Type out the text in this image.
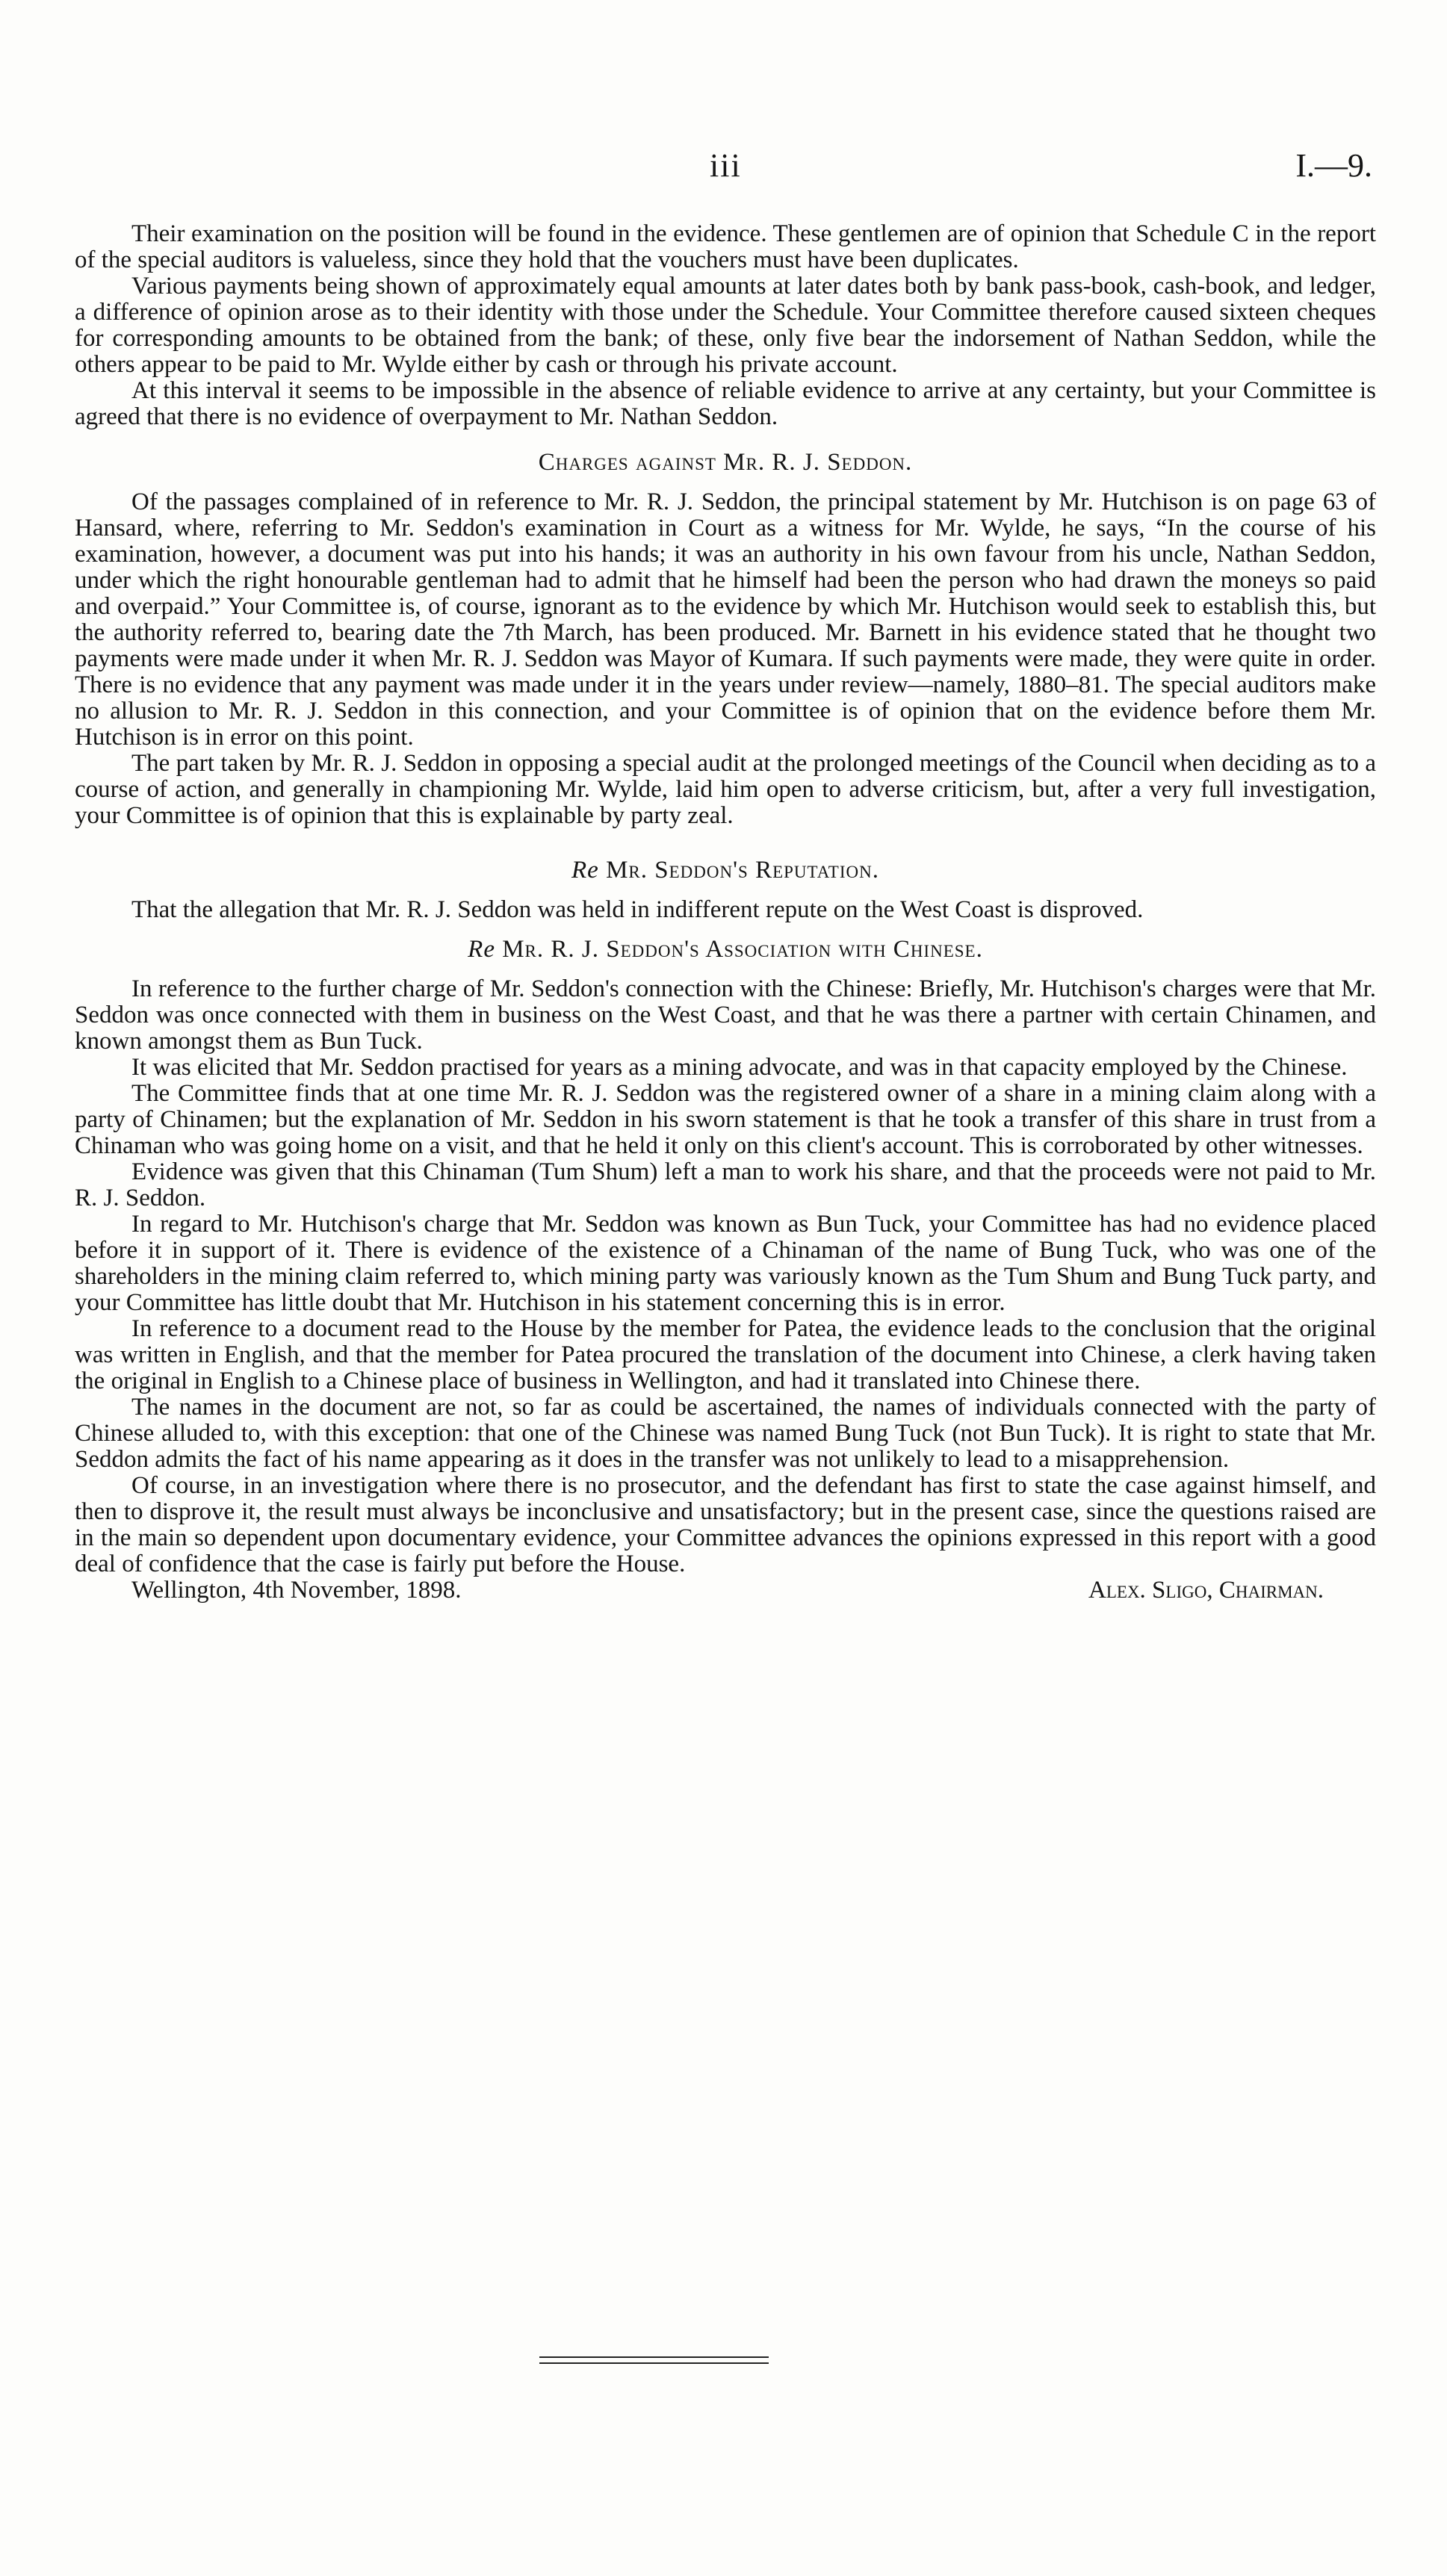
iii	I.—9.

Their examination on the position will be found in the evidence. These gentlemen are of opinion that Schedule C in the report of the special auditors is valueless, since they hold that the vouchers must have been duplicates.

Various payments being shown of approximately equal amounts at later dates both by bank pass-book, cash-book, and ledger, a difference of opinion arose as to their identity with those under the Schedule. Your Committee therefore caused sixteen cheques for corresponding amounts to be obtained from the bank; of these, only five bear the indorsement of Nathan Seddon, while the others appear to be paid to Mr. Wylde either by cash or through his private account.

At this interval it seems to be impossible in the absence of reliable evidence to arrive at any certainty, but your Committee is agreed that there is no evidence of overpayment to Mr. Nathan Seddon.

Charges against Mr. R. J. Seddon.

Of the passages complained of in reference to Mr. R. J. Seddon, the principal statement by Mr. Hutchison is on page 63 of Hansard, where, referring to Mr. Seddon's examination in Court as a witness for Mr. Wylde, he says, “In the course of his examination, however, a document was put into his hands; it was an authority in his own favour from his uncle, Nathan Seddon, under which the right honourable gentleman had to admit that he himself had been the person who had drawn the moneys so paid and overpaid.” Your Committee is, of course, ignorant as to the evidence by which Mr. Hutchison would seek to establish this, but the authority referred to, bearing date the 7th March, has been produced. Mr. Barnett in his evidence stated that he thought two payments were made under it when Mr. R. J. Seddon was Mayor of Kumara. If such payments were made, they were quite in order. There is no evidence that any payment was made under it in the years under review—namely, 1880–81. The special auditors make no allusion to Mr. R. J. Seddon in this connection, and your Committee is of opinion that on the evidence before them Mr. Hutchison is in error on this point.

The part taken by Mr. R. J. Seddon in opposing a special audit at the prolonged meetings of the Council when deciding as to a course of action, and generally in championing Mr. Wylde, laid him open to adverse criticism, but, after a very full investigation, your Committee is of opinion that this is explainable by party zeal.

Re Mr. Seddon's Reputation.

That the allegation that Mr. R. J. Seddon was held in indifferent repute on the West Coast is disproved.

Re Mr. R. J. Seddon's Association with Chinese.

In reference to the further charge of Mr. Seddon's connection with the Chinese: Briefly, Mr. Hutchison's charges were that Mr. Seddon was once connected with them in business on the West Coast, and that he was there a partner with certain Chinamen, and known amongst them as Bun Tuck.

It was elicited that Mr. Seddon practised for years as a mining advocate, and was in that capacity employed by the Chinese.

The Committee finds that at one time Mr. R. J. Seddon was the registered owner of a share in a mining claim along with a party of Chinamen; but the explanation of Mr. Seddon in his sworn statement is that he took a transfer of this share in trust from a Chinaman who was going home on a visit, and that he held it only on this client's account. This is corroborated by other witnesses.

Evidence was given that this Chinaman (Tum Shum) left a man to work his share, and that the proceeds were not paid to Mr. R. J. Seddon.

In regard to Mr. Hutchison's charge that Mr. Seddon was known as Bun Tuck, your Committee has had no evidence placed before it in support of it. There is evidence of the existence of a Chinaman of the name of Bung Tuck, who was one of the shareholders in the mining claim referred to, which mining party was variously known as the Tum Shum and Bung Tuck party, and your Committee has little doubt that Mr. Hutchison in his statement concerning this is in error.

In reference to a document read to the House by the member for Patea, the evidence leads to the conclusion that the original was written in English, and that the member for Patea procured the translation of the document into Chinese, a clerk having taken the original in English to a Chinese place of business in Wellington, and had it translated into Chinese there.

The names in the document are not, so far as could be ascertained, the names of individuals connected with the party of Chinese alluded to, with this exception: that one of the Chinese was named Bung Tuck (not Bun Tuck). It is right to state that Mr. Seddon admits the fact of his name appearing as it does in the transfer was not unlikely to lead to a misapprehension.

Of course, in an investigation where there is no prosecutor, and the defendant has first to state the case against himself, and then to disprove it, the result must always be inconclusive and unsatisfactory; but in the present case, since the questions raised are in the main so dependent upon documentary evidence, your Committee advances the opinions expressed in this report with a good deal of confidence that the case is fairly put before the House.

Wellington, 4th November, 1898.	Alex. Sligo, Chairman.
